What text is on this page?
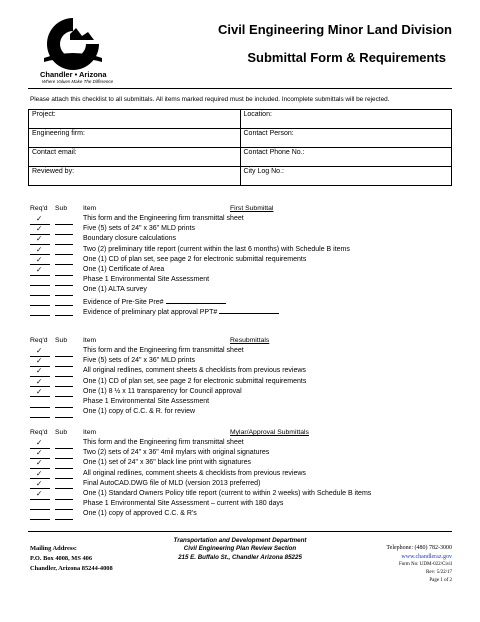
Chandler • Arizona
Where Values Make The Difference
Civil Engineering Minor Land Division
Submittal Form & Requirements
Please attach this checklist to all submittals. All items marked required must be included. Incomplete submittals will be rejected.
Project:	Location:
Engineering firm:	Contact Person:
Contact email:	Contact Phone No.:
Reviewed by:	City Log No.:
Req'd Sub Item	First Submittal
✓	This form and the Engineering firm transmittal sheet
✓	Five (5) sets of 24" x 36" MLD prints
✓	Boundary closure calculations
✓	Two (2) preliminary title report (current within the last 6 months) with Schedule B items
✓	One (1) CD of plan set, see page 2 for electronic submittal requirements
✓	One (1) Certificate of Area
Phase 1 Environmental Site Assessment
One (1) ALTA survey
Evidence of Pre-Site Pre#
Evidence of preliminary plat approval PPT#
Req'd Sub Item	Resubmittals
✓	This form and the Engineering firm transmittal sheet
✓	Five (5) sets of 24" x 36" MLD prints
✓	All original redlines, comment sheets & checklists from previous reviews
✓	One (1) CD of plan set, see page 2 for electronic submittal requirements
✓	One (1) 8 ½ x 11 transparency for Council approval
Phase 1 Environmental Site Assessment
One (1) copy of C.C. & R. for review
Req'd Sub Item	Mylar/Approval Submittals
✓	This form and the Engineering firm transmittal sheet
✓	Two (2) sets of 24" x 36" 4mil mylars with original signatures
✓	One (1) set of 24" x 36" black line print with signatures
✓	All original redlines, comment sheets & checklists from previous reviews
✓	Final AutoCAD.DWG file of MLD (version 2013 preferred)
✓	One (1) Standard Owners Policy title report (current to within 2 weeks) with Schedule B items
Phase 1 Environmental Site Assessment – current with 180 days
One (1) copy of approved C.C. & R's
Mailing Address:
P.O. Box 4008, MS 406
Chandler, Arizona 85244-4008
Transportation and Development Department
Civil Engineering Plan Review Section
215 E. Buffalo St., Chandler Arizona 85225
Telephone: (480) 782-3000
www.chandleraz.gov
Form No: UDM-022/Civil
Rev: 5/22/17
Page 1 of 2
